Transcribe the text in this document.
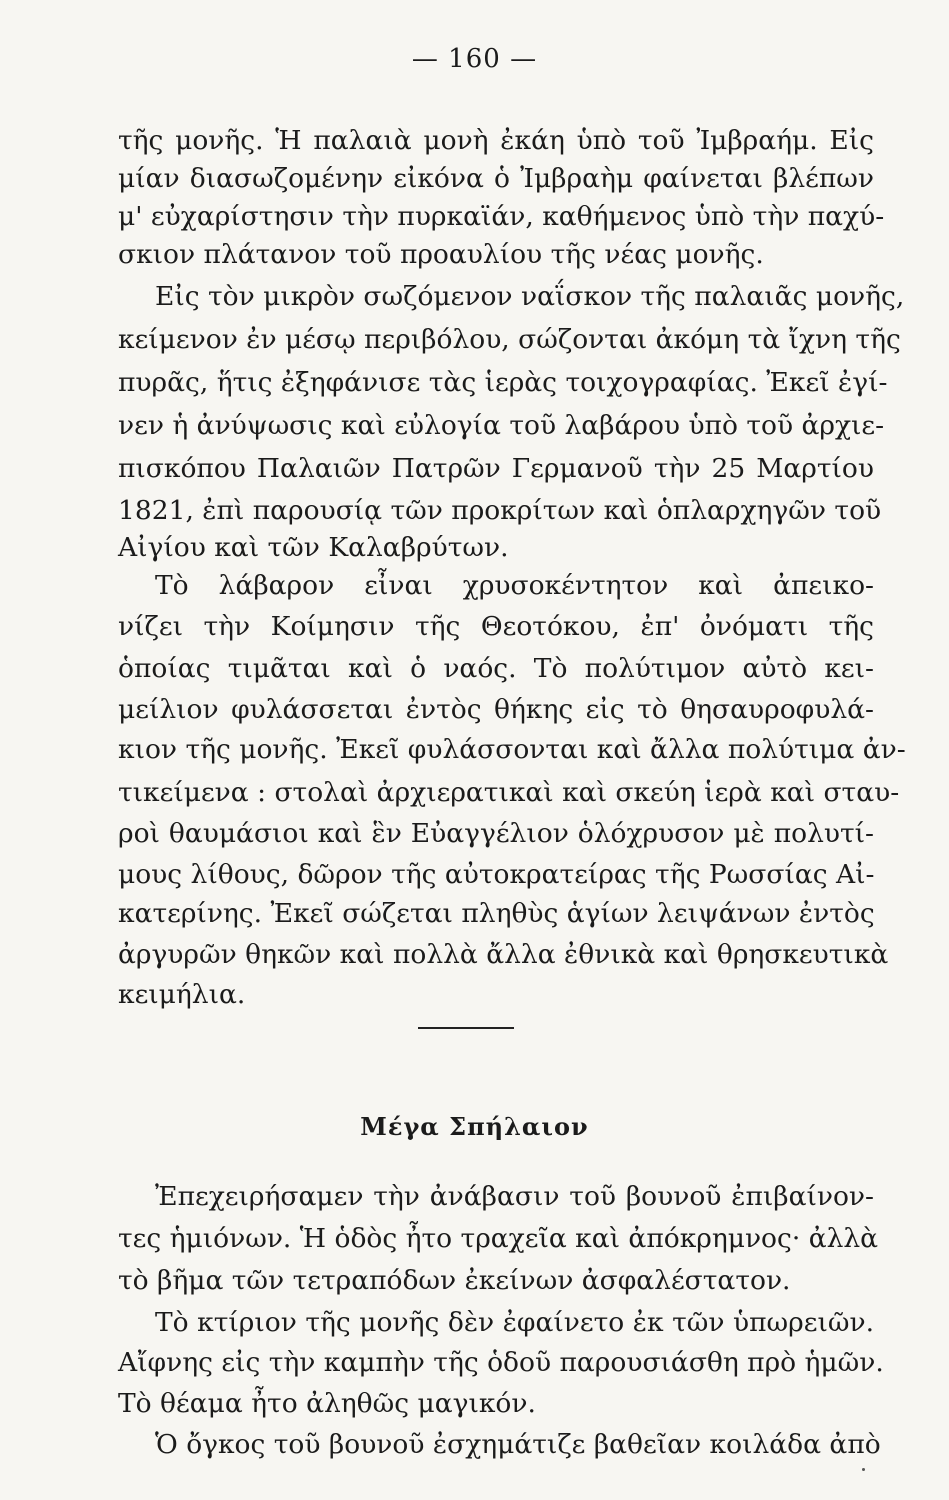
— 160 —
τῆς μονῆς. Ἡ παλαιὰ μονὴ ἐκάη ὑπὸ τοῦ Ἰμβραήμ. Εἰς
μίαν διασωζομένην εἰκόνα ὁ Ἰμβραὴμ φαίνεται βλέπων
μ' εὐχαρίστησιν τὴν πυρκαϊάν, καθήμενος ὑπὸ τὴν παχύ-
σκιον πλάτανον τοῦ προαυλίου τῆς νέας μονῆς.
Εἰς τὸν μικρὸν σωζόμενον ναΐσκον τῆς παλαιᾶς μονῆς,
κείμενον ἐν μέσῳ περιβόλου, σώζονται ἀκόμη τὰ ἴχνη τῆς
πυρᾶς, ἥτις ἐξηφάνισε τὰς ἱερὰς τοιχογραφίας. Ἐκεῖ ἐγί-
νεν ἡ ἀνύψωσις καὶ εὐλογία τοῦ λαβάρου ὑπὸ τοῦ ἀρχιε-
πισκόπου Παλαιῶν Πατρῶν Γερμανοῦ τὴν 25 Μαρτίου
1821, ἐπὶ παρουσίᾳ τῶν προκρίτων καὶ ὁπλαρχηγῶν τοῦ
Αἰγίου καὶ τῶν Καλαβρύτων.
Τὸ λάβαρον εἶναι χρυσοκέντητον καὶ ἀπεικο-
νίζει τὴν Κοίμησιν τῆς Θεοτόκου, ἐπ' ὀνόματι τῆς
ὁποίας τιμᾶται καὶ ὁ ναός. Τὸ πολύτιμον αὐτὸ κει-
μείλιον φυλάσσεται ἐντὸς θήκης εἰς τὸ θησαυροφυλά-
κιον τῆς μονῆς. Ἐκεῖ φυλάσσονται καὶ ἄλλα πολύτιμα ἀν-
τικείμενα : στολαὶ ἀρχιερατικαὶ καὶ σκεύη ἱερὰ καὶ σταυ-
ροὶ θαυμάσιοι καὶ ἓν Εὐαγγέλιον ὁλόχρυσον μὲ πολυτί-
μους λίθους, δῶρον τῆς αὐτοκρατείρας τῆς Ρωσσίας Αἰ-
κατερίνης. Ἐκεῖ σώζεται πληθὺς ἁγίων λειψάνων ἐντὸς
ἀργυρῶν θηκῶν καὶ πολλὰ ἄλλα ἐθνικὰ καὶ θρησκευτικὰ
κειμήλια.
Μέγα Σπήλαιον
Ἐπεχειρήσαμεν τὴν ἀνάβασιν τοῦ βουνοῦ ἐπιβαίνον-
τες ἡμιόνων. Ἡ ὁδὸς ἦτο τραχεῖα καὶ ἀπόκρημνος· ἀλλὰ
τὸ βῆμα τῶν τετραπόδων ἐκείνων ἀσφαλέστατον.
Τὸ κτίριον τῆς μονῆς δὲν ἐφαίνετο ἐκ τῶν ὑπωρειῶν.
Αἴφνης εἰς τὴν καμπὴν τῆς ὁδοῦ παρουσιάσθη πρὸ ἡμῶν.
Τὸ θέαμα ἦτο ἀληθῶς μαγικόν.
Ὁ ὄγκος τοῦ βουνοῦ ἐσχημάτιζε βαθεῖαν κοιλάδα ἀπὸ
